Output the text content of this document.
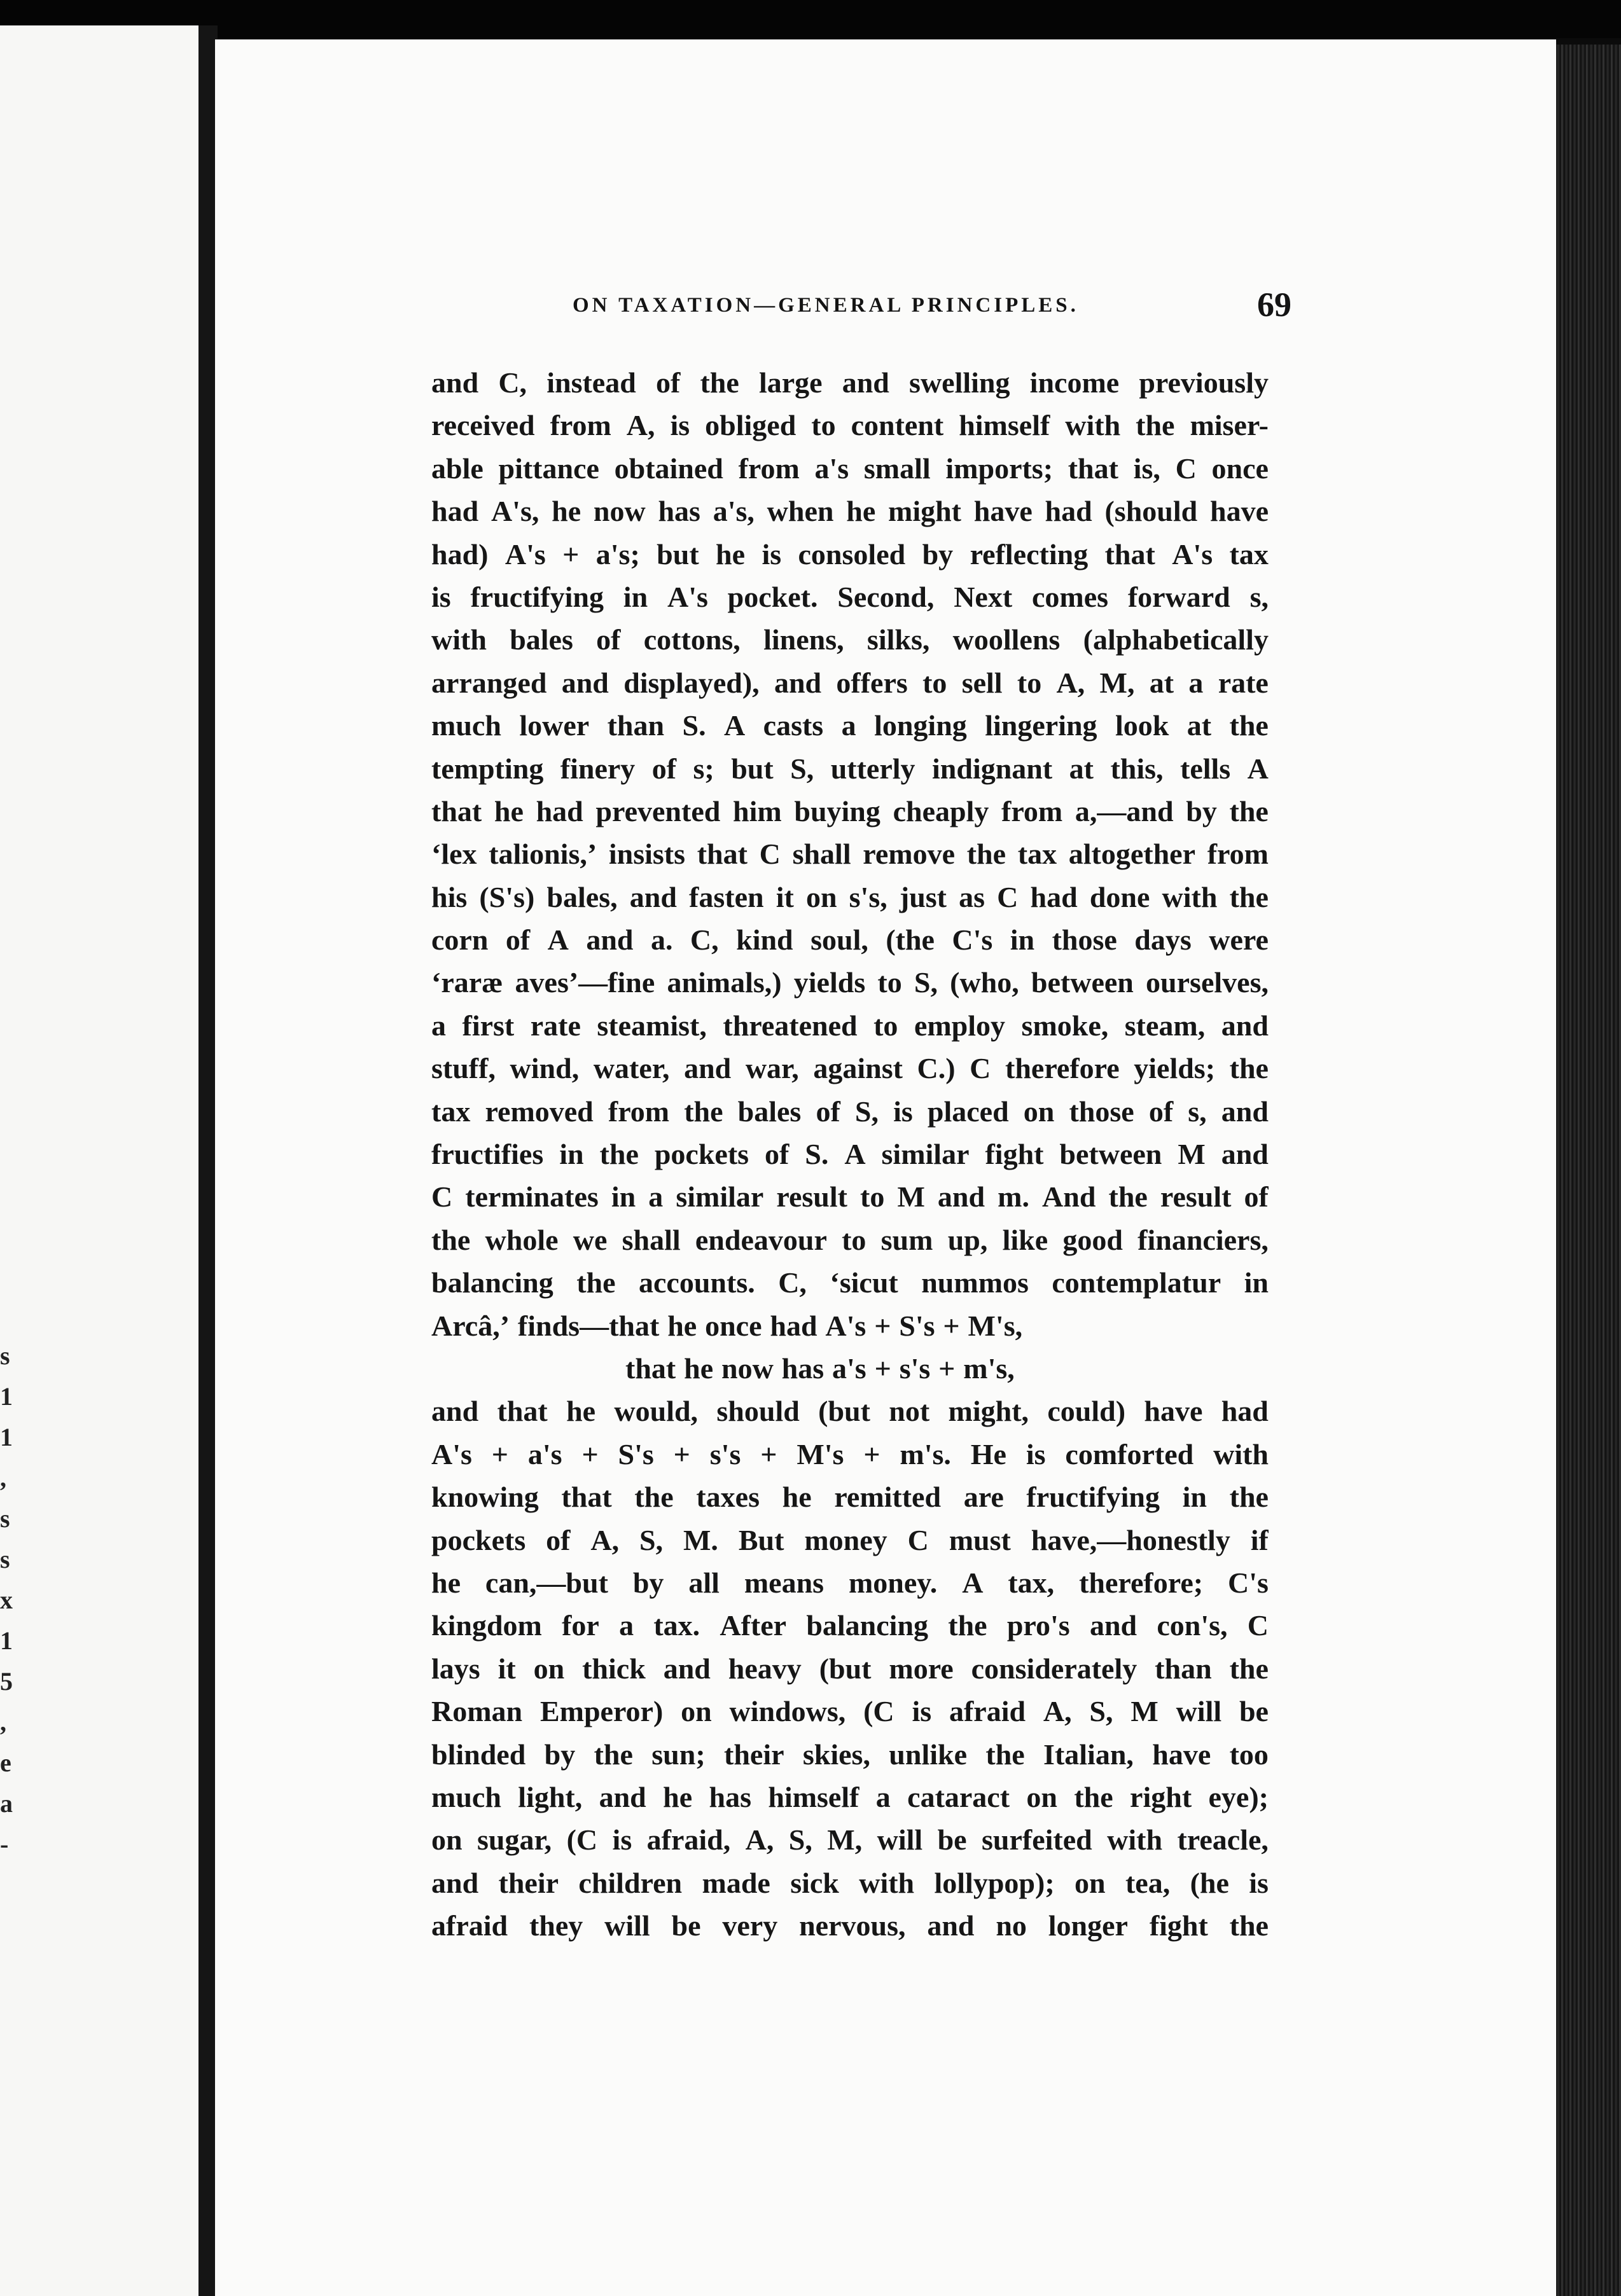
s
1
1
,
s
s
x
1
5
,
e
a
-
ON TAXATION—GENERAL PRINCIPLES.	69
and C, instead of the large and swelling income previously
received from A, is obliged to content himself with the miser-
able pittance obtained from a's small imports; that is, C once
had A's, he now has a's, when he might have had (should have
had) A's + a's; but he is consoled by reflecting that A's tax
is fructifying in A's pocket. Second, Next comes forward s,
with bales of cottons, linens, silks, woollens (alphabetically
arranged and displayed), and offers to sell to A, M, at a rate
much lower than S. A casts a longing lingering look at the
tempting finery of s; but S, utterly indignant at this, tells A
that he had prevented him buying cheaply from a,—and by the
‘lex talionis,’ insists that C shall remove the tax altogether from
his (S's) bales, and fasten it on s's, just as C had done with the
corn of A and a. C, kind soul, (the C's in those days were
‘raræ aves’—fine animals,) yields to S, (who, between ourselves,
a first rate steamist, threatened to employ smoke, steam, and
stuff, wind, water, and war, against C.) C therefore yields; the
tax removed from the bales of S, is placed on those of s, and
fructifies in the pockets of S. A similar fight between M and
C terminates in a similar result to M and m. And the result of
the whole we shall endeavour to sum up, like good financiers,
balancing the accounts. C, ‘sicut nummos contemplatur in
Arcâ,’ finds—that he once had A's + S's + M's,
that he now has a's + s's + m's,
and that he would, should (but not might, could) have had
A's + a's + S's + s's + M's + m's. He is comforted with
knowing that the taxes he remitted are fructifying in the
pockets of A, S, M. But money C must have,—honestly if
he can,—but by all means money. A tax, therefore; C's
kingdom for a tax. After balancing the pro's and con's, C
lays it on thick and heavy (but more considerately than the
Roman Emperor) on windows, (C is afraid A, S, M will be
blinded by the sun; their skies, unlike the Italian, have too
much light, and he has himself a cataract on the right eye);
on sugar, (C is afraid, A, S, M, will be surfeited with treacle,
and their children made sick with lollypop); on tea, (he is
afraid they will be very nervous, and no longer fight the
